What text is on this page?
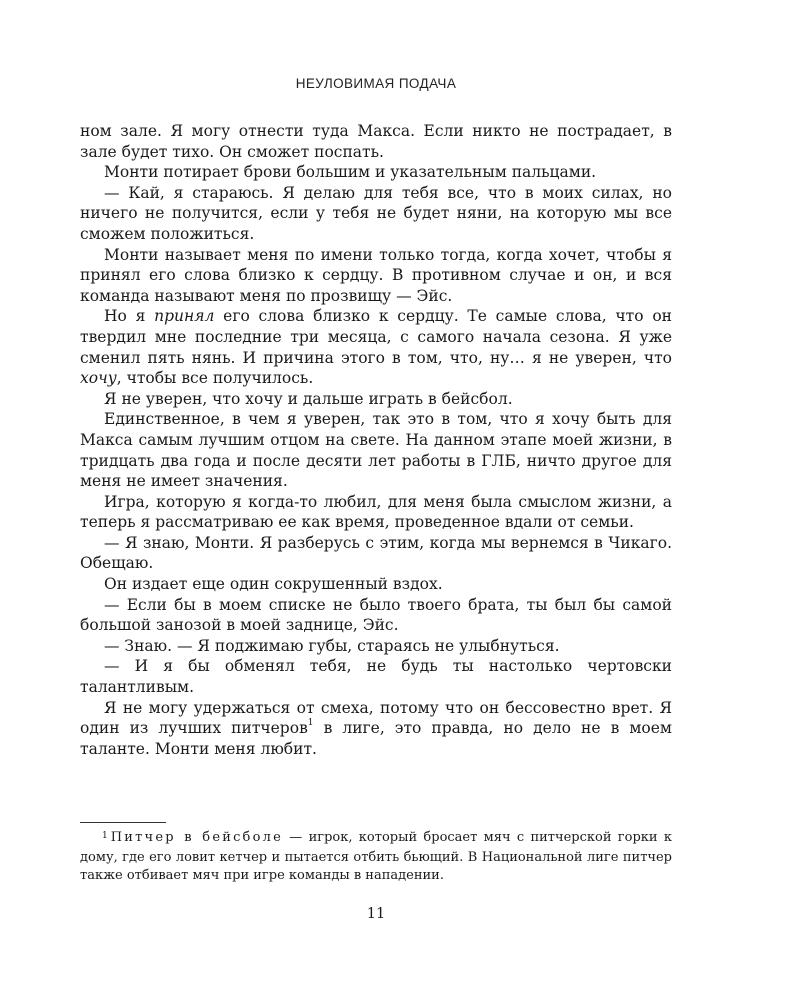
НЕУЛОВИМАЯ ПОДАЧА

ном зале. Я могу отнести туда Макса. Если никто не пострадает, в зале будет тихо. Он сможет поспать.

Монти потирает брови большим и указательным пальцами.

— Кай, я стараюсь. Я делаю для тебя все, что в моих силах, но ничего не получится, если у тебя не будет няни, на которую мы все сможем положиться.

Монти называет меня по имени только тогда, когда хочет, чтобы я принял его слова близко к сердцу. В противном случае и он, и вся команда называют меня по прозвищу — Эйс.

Но я принял его слова близко к сердцу. Те самые слова, что он твердил мне последние три месяца, с самого начала сезона. Я уже сменил пять нянь. И причина этого в том, что, ну… я не уверен, что хочу, чтобы все получилось.

Я не уверен, что хочу и дальше играть в бейсбол.

Единственное, в чем я уверен, так это в том, что я хочу быть для Макса самым лучшим отцом на свете. На данном этапе моей жизни, в тридцать два года и после десяти лет работы в ГЛБ, ничто другое для меня не имеет значения.

Игра, которую я когда-то любил, для меня была смыслом жизни, а теперь я рассматриваю ее как время, проведенное вдали от семьи.

— Я знаю, Монти. Я разберусь с этим, когда мы вернемся в Чикаго. Обещаю.

Он издает еще один сокрушенный вздох.

— Если бы в моем списке не было твоего брата, ты был бы самой большой занозой в моей заднице, Эйс.

— Знаю. — Я поджимаю губы, стараясь не улыбнуться.

— И я бы обменял тебя, не будь ты настолько чертовски талантливым.

Я не могу удержаться от смеха, потому что он бессовестно врет. Я один из лучших питчеров$^1$ в лиге, это правда, но дело не в моем таланте. Монти меня любит.

$^1$ Питчер в бейсболе — игрок, который бросает мяч с питчерской горки к дому, где его ловит кетчер и пытается отбить бьющий. В Национальной лиге питчер также отбивает мяч при игре команды в нападении.

11
